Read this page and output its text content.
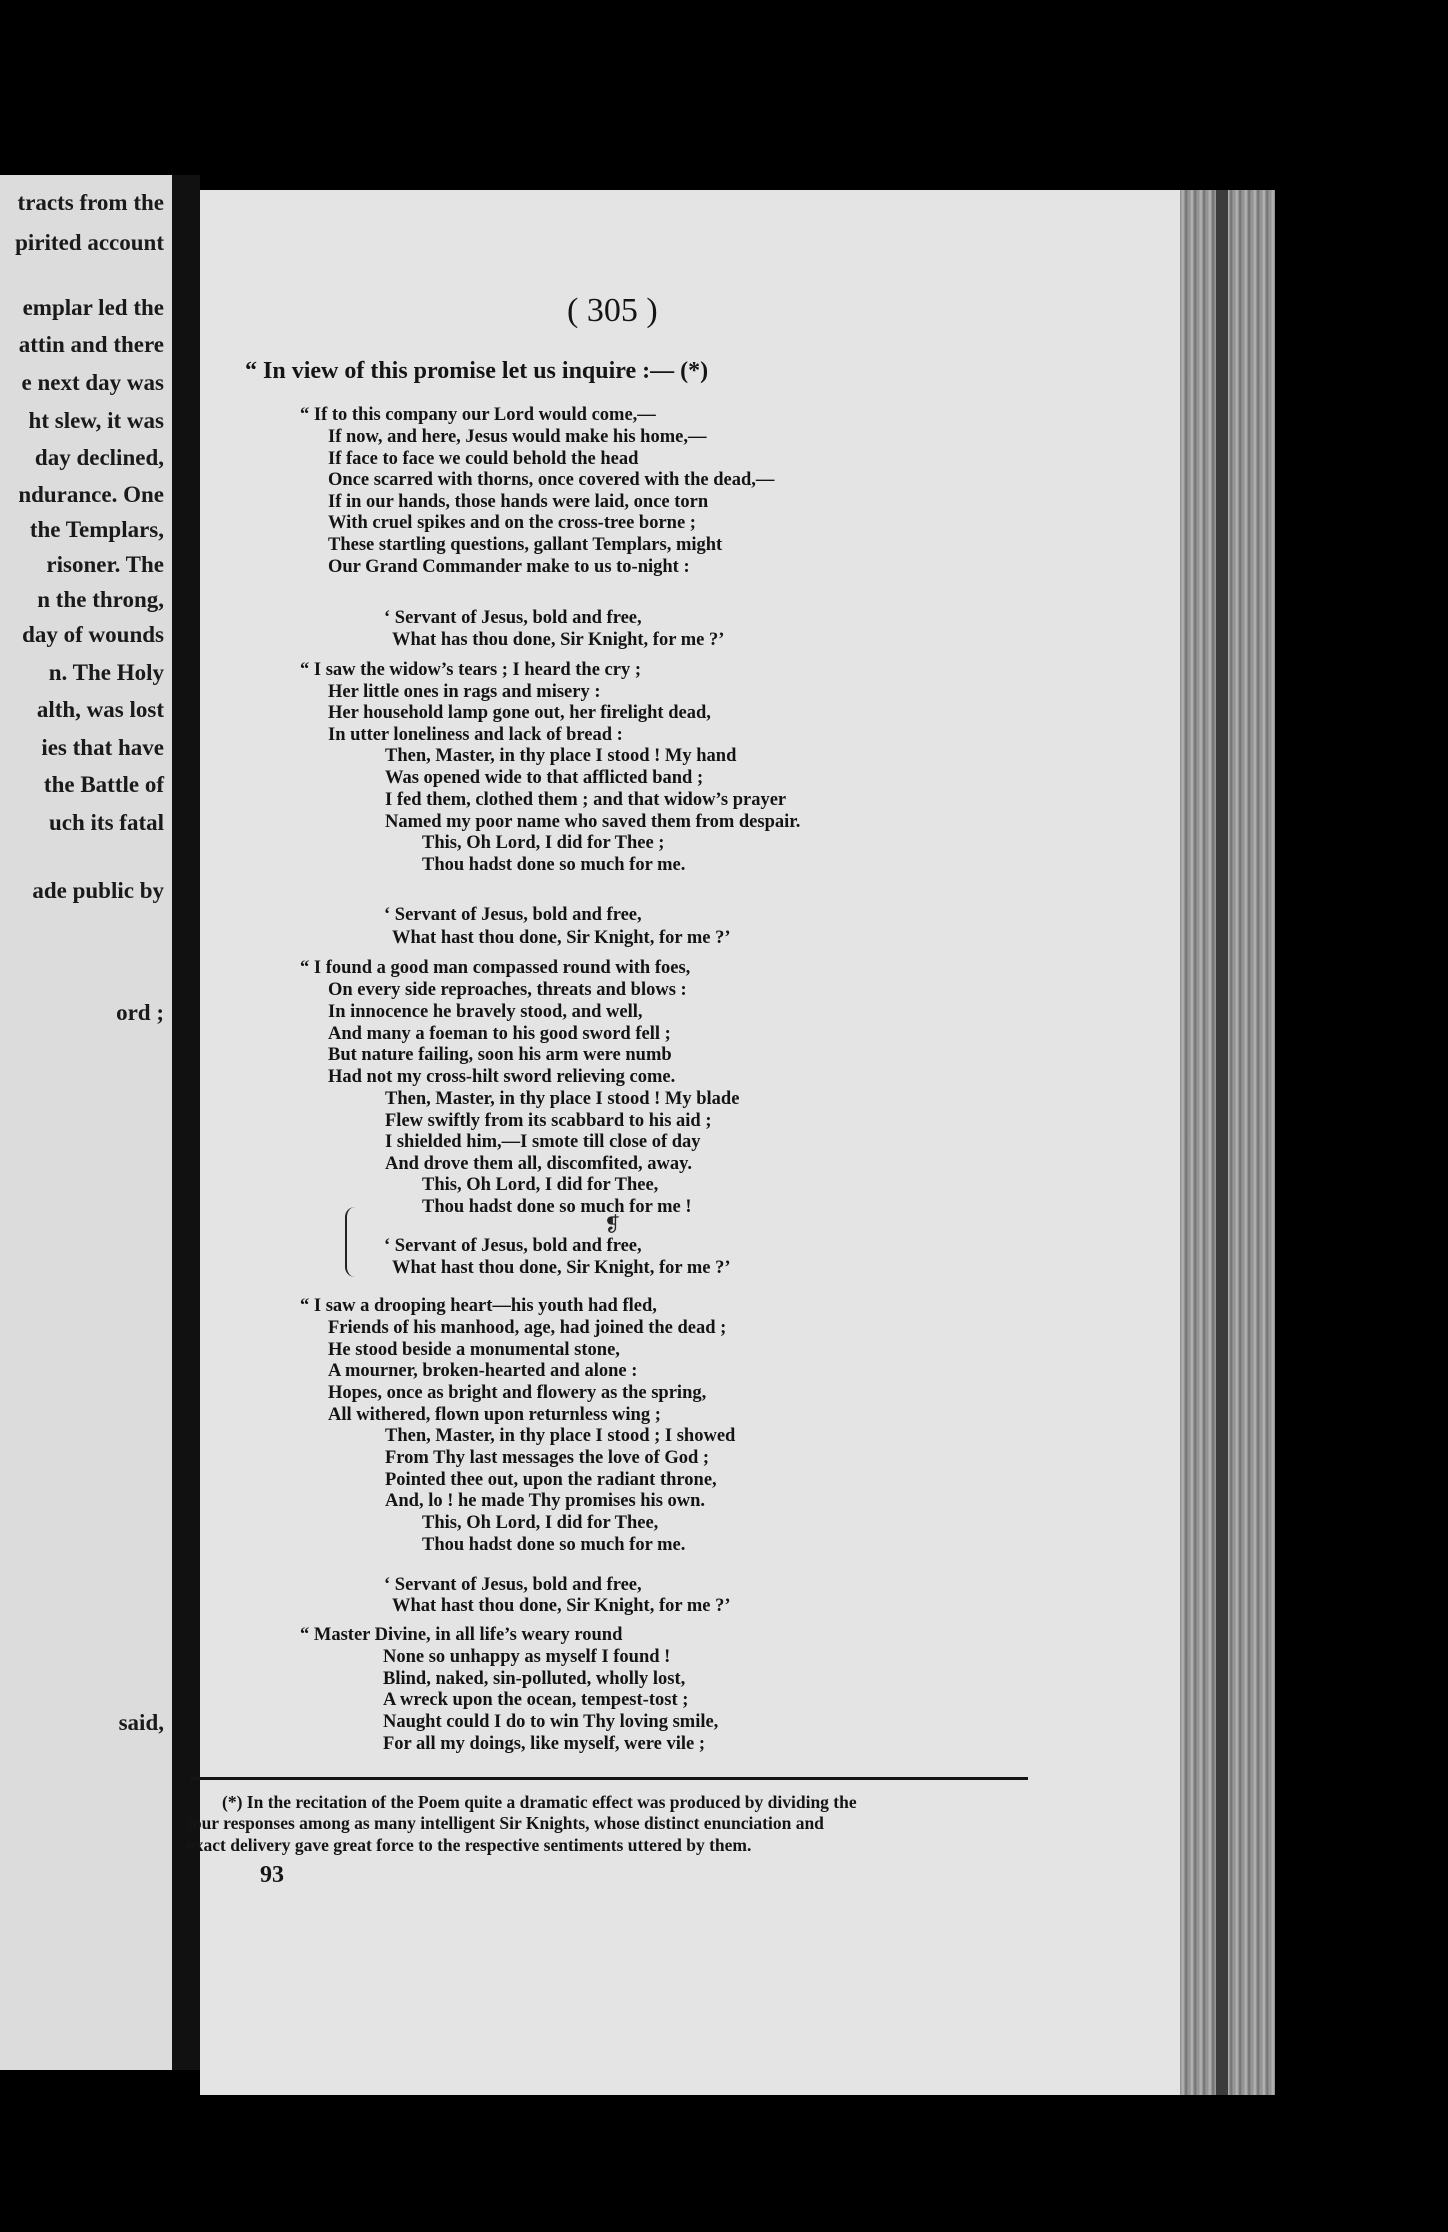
tracts from the
pirited account
emplar led the
attin and there
e next day was
ht slew, it was
day declined,
ndurance. One
the Templars,
risoner. The
n the throng,
day of wounds
n. The Holy
alth, was lost
ies that have
the Battle of
uch its fatal
ade public by
ord ;
said,
( 305 )
“ In view of this promise let us inquire :— (*)
“ If to this company our Lord would come,—
If now, and here, Jesus would make his home,—
If face to face we could behold the head
Once scarred with thorns, once covered with the dead,—
If in our hands, those hands were laid, once torn
With cruel spikes and on the cross-tree borne ;
These startling questions, gallant Templars, might
Our Grand Commander make to us to-night :
‘ Servant of Jesus, bold and free,
What has thou done, Sir Knight, for me ?’
“ I saw the widow’s tears ; I heard the cry ;
Her little ones in rags and misery :
Her household lamp gone out, her firelight dead,
In utter loneliness and lack of bread :
Then, Master, in thy place I stood ! My hand
Was opened wide to that afflicted band ;
I fed them, clothed them ; and that widow’s prayer
Named my poor name who saved them from despair.
This, Oh Lord, I did for Thee ;
Thou hadst done so much for me.
‘ Servant of Jesus, bold and free,
What hast thou done, Sir Knight, for me ?’
“ I found a good man compassed round with foes,
On every side reproaches, threats and blows :
In innocence he bravely stood, and well,
And many a foeman to his good sword fell ;
But nature failing, soon his arm were numb
Had not my cross-hilt sword relieving come.
Then, Master, in thy place I stood ! My blade
Flew swiftly from its scabbard to his aid ;
I shielded him,—I smote till close of day
And drove them all, discomfited, away.
This, Oh Lord, I did for Thee,
Thou hadst done so much for me !
‘ Servant of Jesus, bold and free,
What hast thou done, Sir Knight, for me ?’
“ I saw a drooping heart—his youth had fled,
Friends of his manhood, age, had joined the dead ;
He stood beside a monumental stone,
A mourner, broken-hearted and alone :
Hopes, once as bright and flowery as the spring,
All withered, flown upon returnless wing ;
Then, Master, in thy place I stood ; I showed
From Thy last messages the love of God ;
Pointed thee out, upon the radiant throne,
And, lo ! he made Thy promises his own.
This, Oh Lord, I did for Thee,
Thou hadst done so much for me.
‘ Servant of Jesus, bold and free,
What hast thou done, Sir Knight, for me ?’
“ Master Divine, in all life’s weary round
None so unhappy as myself I found !
Blind, naked, sin-polluted, wholly lost,
A wreck upon the ocean, tempest-tost ;
Naught could I do to win Thy loving smile,
For all my doings, like myself, were vile ;
❡
(*) In the recitation of the Poem quite a dramatic effect was produced by dividing the
four responses among as many intelligent Sir Knights, whose distinct enunciation and
exact delivery gave great force to the respective sentiments uttered by them.
93
